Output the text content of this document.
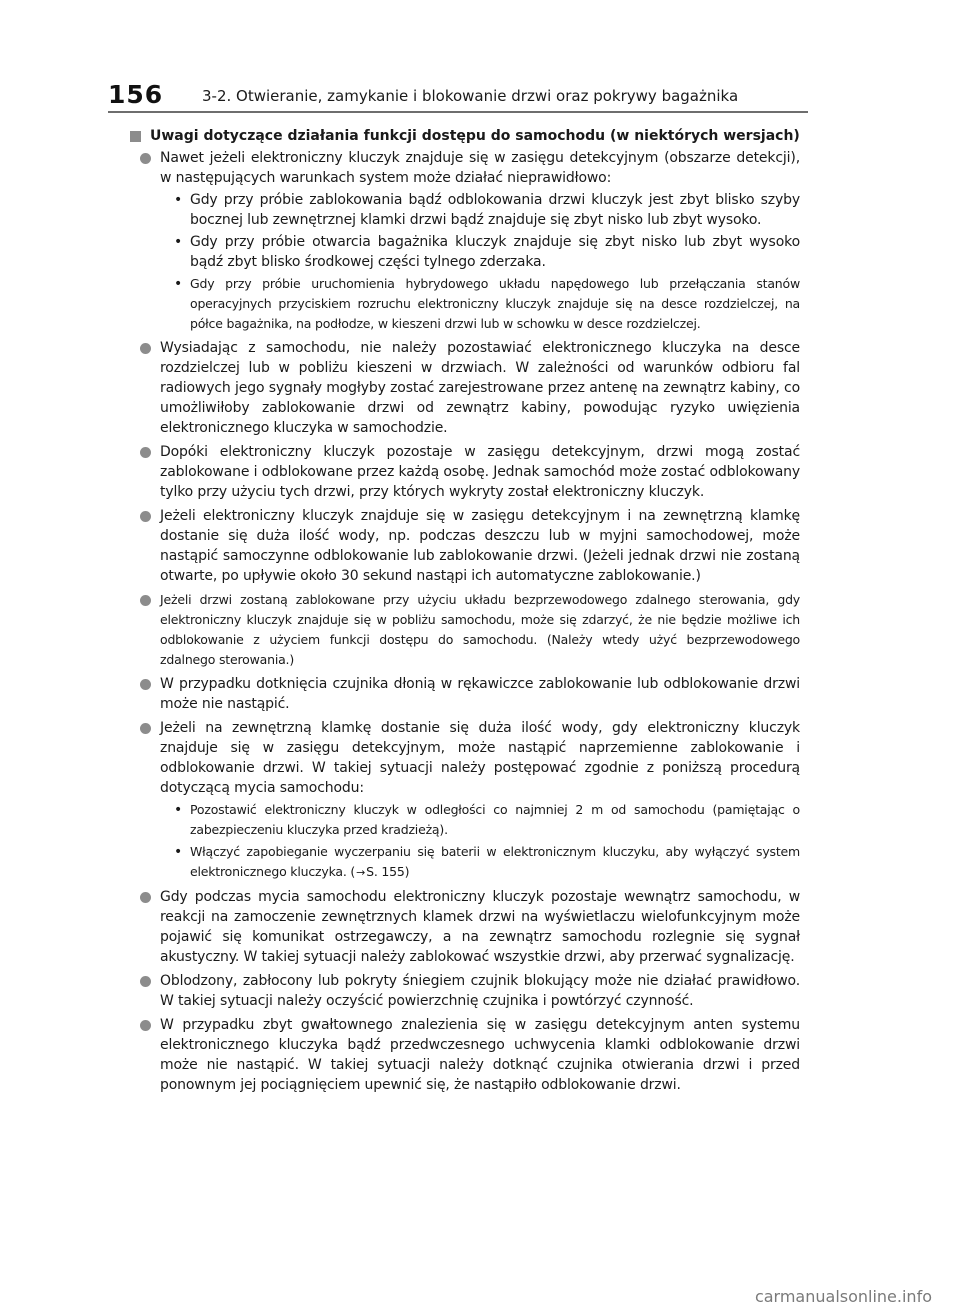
156	3-2. Otwieranie, zamykanie i blokowanie drzwi oraz pokrywy bagażnika
Uwagi dotyczące działania funkcji dostępu do samochodu (w niektórych wersjach)
Nawet jeżeli elektroniczny kluczyk znajduje się w zasięgu detekcyjnym (obszarze detekcji), w następujących warunkach system może działać nieprawidłowo:
• Gdy przy próbie zablokowania bądź odblokowania drzwi kluczyk jest zbyt blisko szyby bocznej lub zewnętrznej klamki drzwi bądź znajduje się zbyt nisko lub zbyt wysoko.
• Gdy przy próbie otwarcia bagażnika kluczyk znajduje się zbyt nisko lub zbyt wysoko bądź zbyt blisko środkowej części tylnego zderzaka.
• Gdy przy próbie uruchomienia hybrydowego układu napędowego lub przełączania stanów operacyjnych przyciskiem rozruchu elektroniczny kluczyk znajduje się na desce rozdzielczej, na półce bagażnika, na podłodze, w kieszeni drzwi lub w schowku w desce rozdzielczej.
Wysiadając z samochodu, nie należy pozostawiać elektronicznego kluczyka na desce rozdzielczej lub w pobliżu kieszeni w drzwiach. W zależności od warunków odbioru fal radiowych jego sygnały mogłyby zostać zarejestrowane przez antenę na zewnątrz kabiny, co umożliwiłoby zablokowanie drzwi od zewnątrz kabiny, powodując ryzyko uwięzienia elektronicznego kluczyka w samochodzie.
Dopóki elektroniczny kluczyk pozostaje w zasięgu detekcyjnym, drzwi mogą zostać zablokowane i odblokowane przez każdą osobę. Jednak samochód może zostać odblokowany tylko przy użyciu tych drzwi, przy których wykryty został elektroniczny kluczyk.
Jeżeli elektroniczny kluczyk znajduje się w zasięgu detekcyjnym i na zewnętrzną klamkę dostanie się duża ilość wody, np. podczas deszczu lub w myjni samochodowej, może nastąpić samoczynne odblokowanie lub zablokowanie drzwi. (Jeżeli jednak drzwi nie zostaną otwarte, po upływie około 30 sekund nastąpi ich automatyczne zablokowanie.)
Jeżeli drzwi zostaną zablokowane przy użyciu układu bezprzewodowego zdalnego sterowania, gdy elektroniczny kluczyk znajduje się w pobliżu samochodu, może się zdarzyć, że nie będzie możliwe ich odblokowanie z użyciem funkcji dostępu do samochodu. (Należy wtedy użyć bezprzewodowego zdalnego sterowania.)
W przypadku dotknięcia czujnika dłonią w rękawiczce zablokowanie lub odblokowanie drzwi może nie nastąpić.
Jeżeli na zewnętrzną klamkę dostanie się duża ilość wody, gdy elektroniczny kluczyk znajduje się w zasięgu detekcyjnym, może nastąpić naprzemienne zablokowanie i odblokowanie drzwi. W takiej sytuacji należy postępować zgodnie z poniższą procedurą dotyczącą mycia samochodu:
• Pozostawić elektroniczny kluczyk w odległości co najmniej 2 m od samochodu (pamiętając o zabezpieczeniu kluczyka przed kradzieżą).
• Włączyć zapobieganie wyczerpaniu się baterii w elektronicznym kluczyku, aby wyłączyć system elektronicznego kluczyka. (→S. 155)
Gdy podczas mycia samochodu elektroniczny kluczyk pozostaje wewnątrz samochodu, w reakcji na zamoczenie zewnętrznych klamek drzwi na wyświetlaczu wielofunkcyjnym może pojawić się komunikat ostrzegawczy, a na zewnątrz samochodu rozlegnie się sygnał akustyczny. W takiej sytuacji należy zablokować wszystkie drzwi, aby przerwać sygnalizację.
Oblodzony, zabłocony lub pokryty śniegiem czujnik blokujący może nie działać prawidłowo. W takiej sytuacji należy oczyścić powierzchnię czujnika i powtórzyć czynność.
W przypadku zbyt gwałtownego znalezienia się w zasięgu detekcyjnym anten systemu elektronicznego kluczyka bądź przedwczesnego uchwycenia klamki odblokowanie drzwi może nie nastąpić. W takiej sytuacji należy dotknąć czujnika otwierania drzwi i przed ponownym jej pociągnięciem upewnić się, że nastąpiło odblokowanie drzwi.
carmanualsonline.info
